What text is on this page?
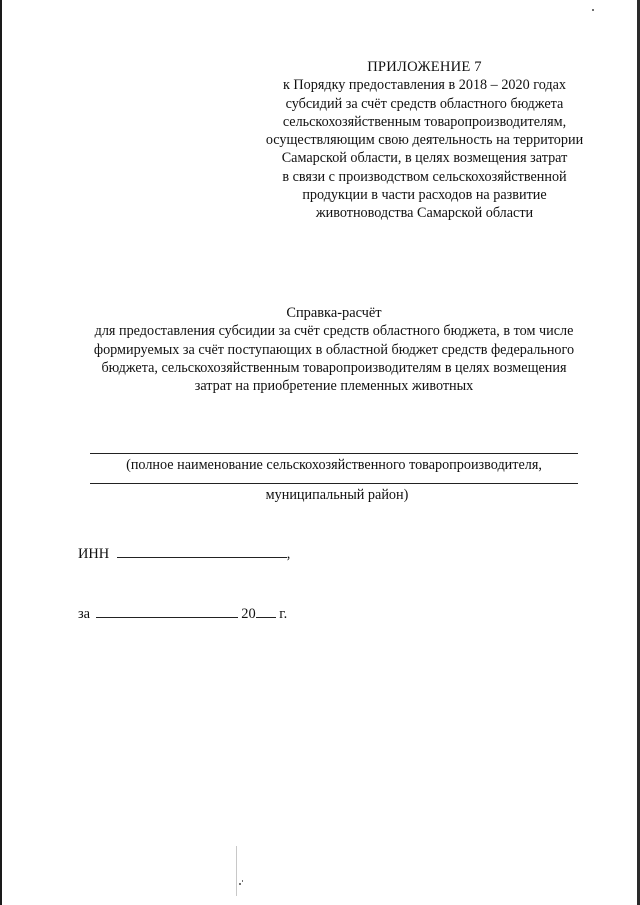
ПРИЛОЖЕНИЕ 7
к Порядку предоставления в 2018 – 2020 годах
субсидий за счёт средств областного бюджета
сельскохозяйственным товаропроизводителям,
осуществляющим свою деятельность на территории
Самарской области, в целях возмещения затрат
в связи с производством сельскохозяйственной
продукции в части расходов на развитие
животноводства Самарской области
Справка-расчёт
для предоставления субсидии за счёт средств областного бюджета, в том числе
формируемых за счёт поступающих в областной бюджет средств федерального
бюджета, сельскохозяйственным товаропроизводителям в целях возмещения
затрат на приобретение племенных животных
(полное наименование сельскохозяйственного товаропроизводителя,
муниципальный район)
ИНН	,
за	20 г.
